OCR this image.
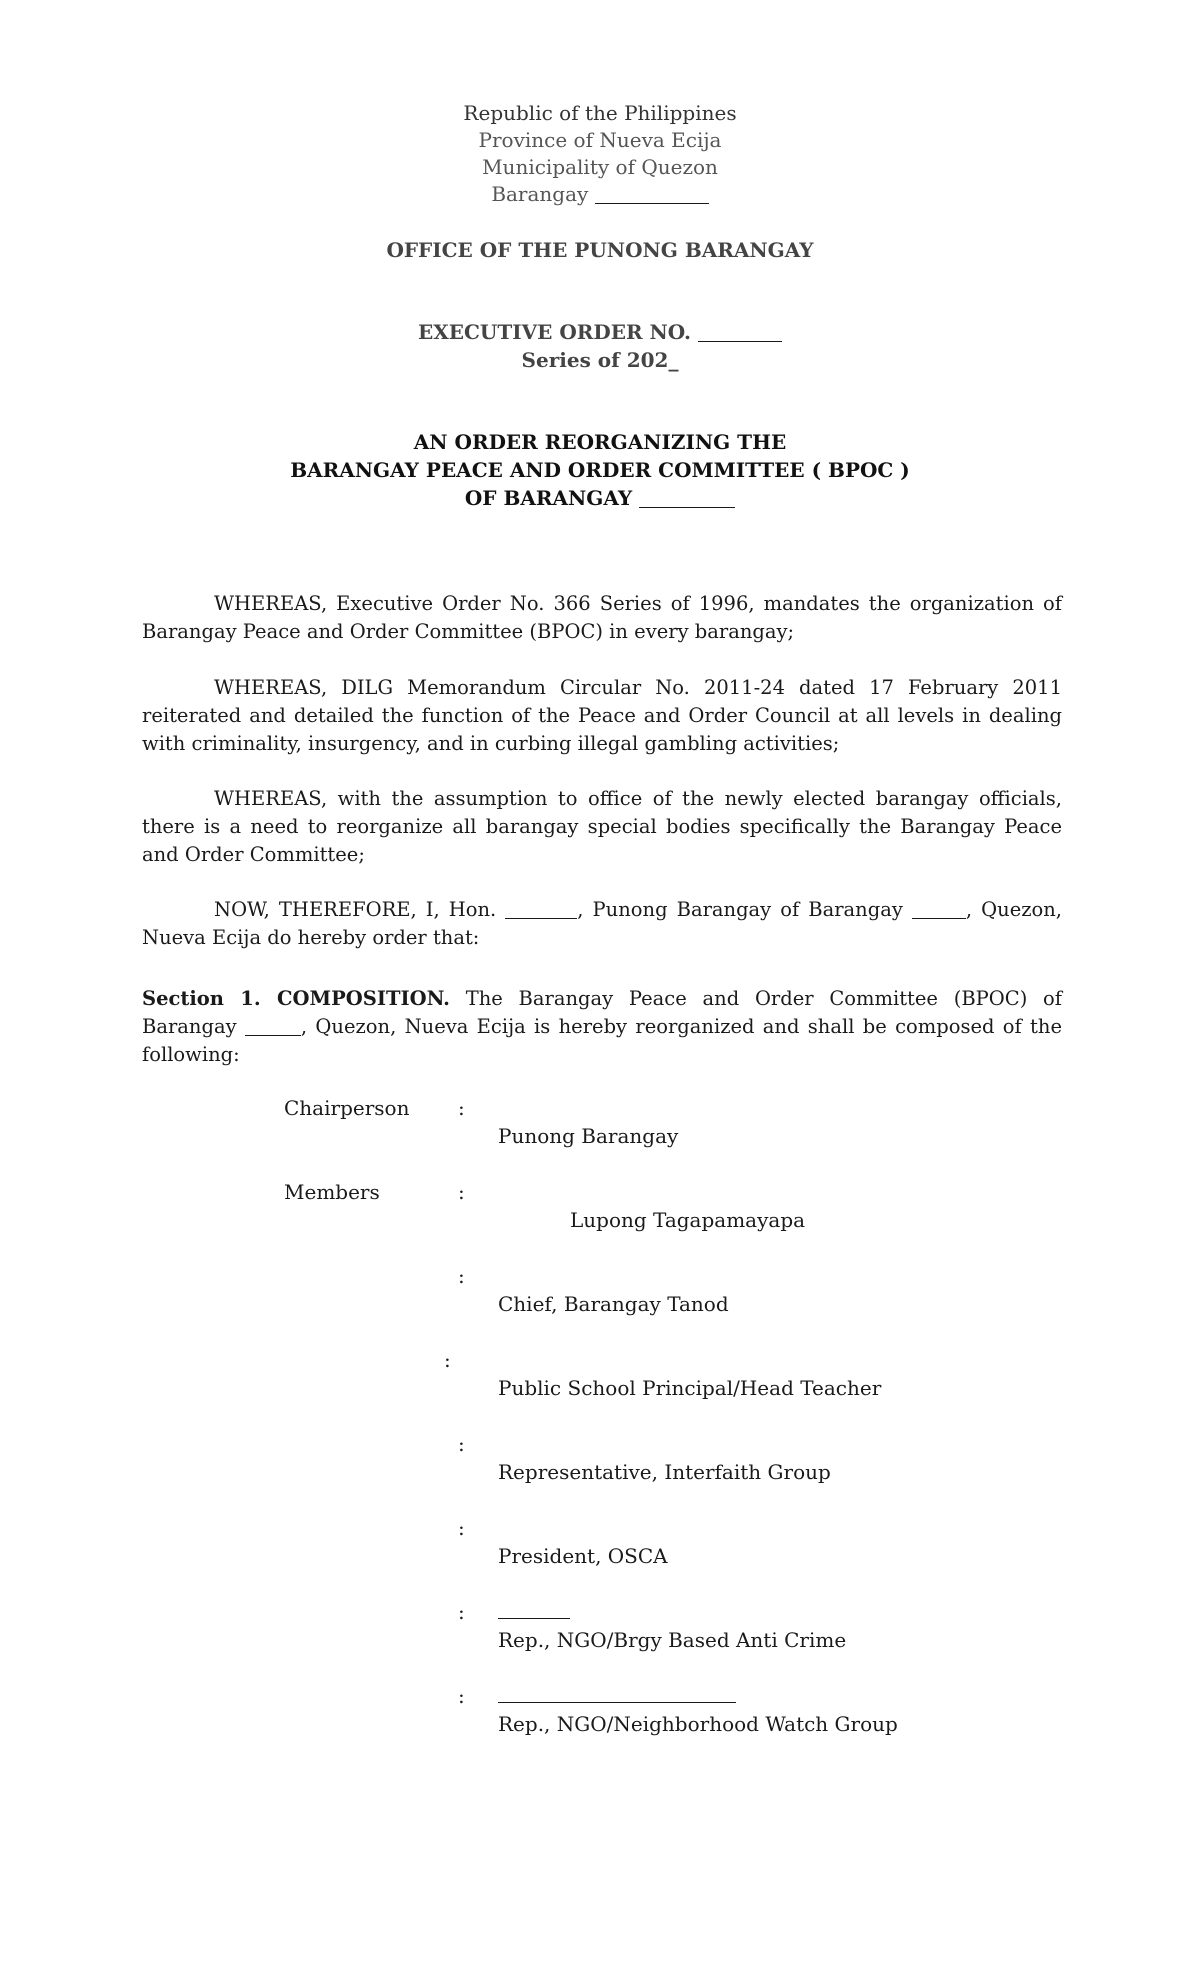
Republic of the Philippines
Province of Nueva Ecija
Municipality of Quezon
Barangay
OFFICE OF THE PUNONG BARANGAY
EXECUTIVE ORDER NO.
Series of 202_
AN ORDER REORGANIZING THE
BARANGAY PEACE AND ORDER COMMITTEE ( BPOC )
OF BARANGAY

WHEREAS, Executive Order No. 366 Series of 1996, mandates the organization of Barangay Peace and Order Committee (BPOC) in every barangay;

WHEREAS, DILG Memorandum Circular No. 2011-24 dated 17 February 2011 reiterated and detailed the function of the Peace and Order Council at all levels in dealing with criminality, insurgency, and in curbing illegal gambling activities;

WHEREAS, with the assumption to office of the newly elected barangay officials, there is a need to reorganize all barangay special bodies specifically the Barangay Peace and Order Committee;

NOW, THEREFORE, I, Hon.	, Punong Barangay of Barangay	, Quezon, Nueva Ecija do hereby order that:

Section 1. COMPOSITION. The Barangay Peace and Order Committee (BPOC) of Barangay	, Quezon, Nueva Ecija is hereby reorganized and shall be composed of the following:
Chairperson :
Punong Barangay
Members	:
Lupong Tagapamayapa
:
Chief, Barangay Tanod
:
Public School Principal/Head Teacher
:
Representative, Interfaith Group
:
President, OSCA
:
Rep., NGO/Brgy Based Anti Crime
:
Rep., NGO/Neighborhood Watch Group
